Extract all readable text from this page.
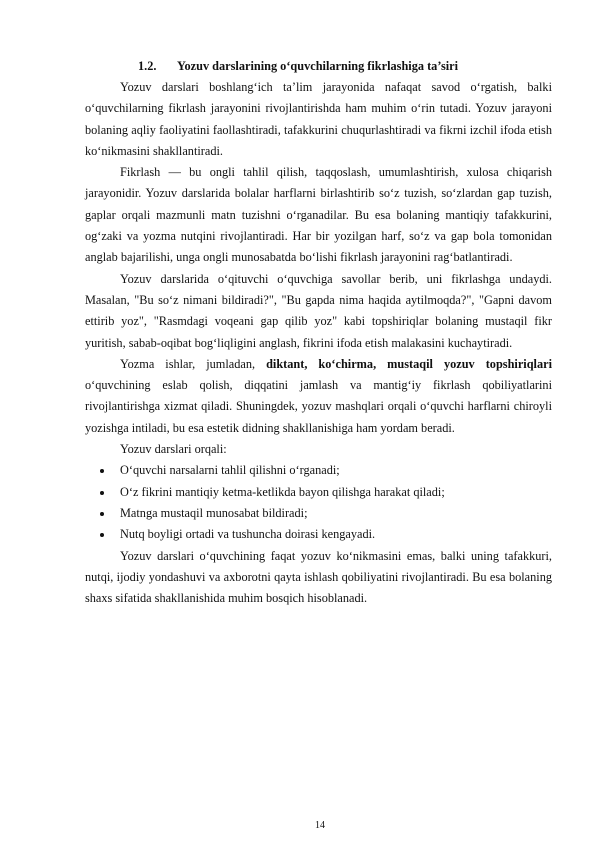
1.2.	Yozuv darslarining o‘quvchilarning fikrlashiga ta’siri

Yozuv darslari boshlang‘ich ta’lim jarayonida nafaqat savod o‘rgatish, balki o‘quvchilarning fikrlash jarayonini rivojlantirishda ham muhim o‘rin tutadi. Yozuv jarayoni bolaning aqliy faoliyatini faollashtiradi, tafakkurini chuqurlashtiradi va fikrni izchil ifoda etish ko‘nikmasini shakllantiradi.

Fikrlash — bu ongli tahlil qilish, taqqoslash, umumlashtirish, xulosa chiqarish jarayonidir. Yozuv darslarida bolalar harflarni birlashtirib so‘z tuzish, so‘zlardan gap tuzish, gaplar orqali mazmunli matn tuzishni o‘rganadilar. Bu esa bolaning mantiqiy tafakkurini, og‘zaki va yozma nutqini rivojlantiradi. Har bir yozilgan harf, so‘z va gap bola tomonidan anglab bajarilishi, unga ongli munosabatda bo‘lishi fikrlash jarayonini rag‘batlantiradi.

Yozuv darslarida o‘qituvchi o‘quvchiga savollar berib, uni fikrlashga undaydi. Masalan, "Bu so‘z nimani bildiradi?", "Bu gapda nima haqida aytilmoqda?", "Gapni davom ettirib yoz", "Rasmdagi voqeani gap qilib yoz" kabi topshiriqlar bolaning mustaqil fikr yuritish, sabab-oqibat bog‘liqligini anglash, fikrini ifoda etish malakasini kuchaytiradi.

Yozma ishlar, jumladan, diktant, ko‘chirma, mustaqil yozuv topshiriqlari o‘quvchining eslab qolish, diqqatini jamlash va mantig‘iy fikrlash qobiliyatlarini rivojlantirishga xizmat qiladi. Shuningdek, yozuv mashqlari orqali o‘quvchi harflarni chiroyli yozishga intiladi, bu esa estetik didning shakllanishiga ham yordam beradi.

Yozuv darslari orqali:

O‘quvchi narsalarni tahlil qilishni o‘rganadi;
O‘z fikrini mantiqiy ketma-ketlikda bayon qilishga harakat qiladi;
Matnga mustaqil munosabat bildiradi;
Nutq boyligi ortadi va tushuncha doirasi kengayadi.

Yozuv darslari o‘quvchining faqat yozuv ko‘nikmasini emas, balki uning tafakkuri, nutqi, ijodiy yondashuvi va axborotni qayta ishlash qobiliyatini rivojlantiradi. Bu esa bolaning shaxs sifatida shakllanishida muhim bosqich hisoblanadi.

14
